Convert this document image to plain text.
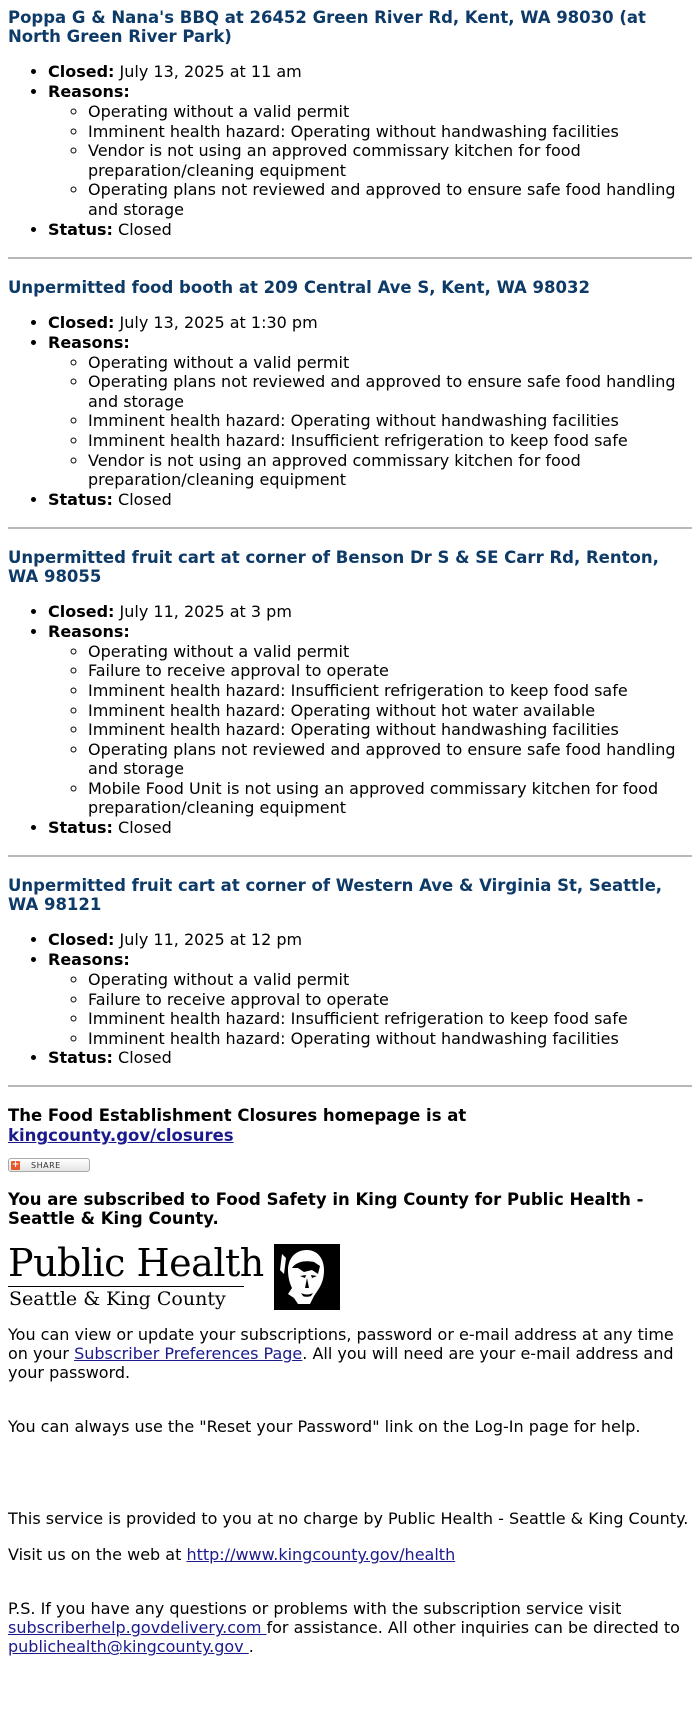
Poppa G & Nana's BBQ at 26452 Green River Rd, Kent, WA 98030 (at North Green River Park)
• Closed: July 13, 2025 at 11 am
• Reasons:
◦ Operating without a valid permit
◦ Imminent health hazard: Operating without handwashing facilities
◦ Vendor is not using an approved commissary kitchen for food preparation/cleaning equipment
◦ Operating plans not reviewed and approved to ensure safe food handling and storage
• Status: Closed
Unpermitted food booth at 209 Central Ave S, Kent, WA 98032
• Closed: July 13, 2025 at 1:30 pm
• Reasons:
◦ Operating without a valid permit
◦ Operating plans not reviewed and approved to ensure safe food handling and storage
◦ Imminent health hazard: Operating without handwashing facilities
◦ Imminent health hazard: Insufficient refrigeration to keep food safe
◦ Vendor is not using an approved commissary kitchen for food preparation/cleaning equipment
• Status: Closed
Unpermitted fruit cart at corner of Benson Dr S & SE Carr Rd, Renton, WA 98055
• Closed: July 11, 2025 at 3 pm
• Reasons:
◦ Operating without a valid permit
◦ Failure to receive approval to operate
◦ Imminent health hazard: Insufficient refrigeration to keep food safe
◦ Imminent health hazard: Operating without hot water available
◦ Imminent health hazard: Operating without handwashing facilities
◦ Operating plans not reviewed and approved to ensure safe food handling and storage
◦ Mobile Food Unit is not using an approved commissary kitchen for food preparation/cleaning equipment
• Status: Closed
Unpermitted fruit cart at corner of Western Ave & Virginia St, Seattle, WA 98121
• Closed: July 11, 2025 at 12 pm
• Reasons:
◦ Operating without a valid permit
◦ Failure to receive approval to operate
◦ Imminent health hazard: Insufficient refrigeration to keep food safe
◦ Imminent health hazard: Operating without handwashing facilities
• Status: Closed

The Food Establishment Closures homepage is at kingcounty.gov/closures

+ SHARE

You are subscribed to Food Safety in King County for Public Health - Seattle & King County.

Public Health
Seattle & King County

You can view or update your subscriptions, password or e-mail address at any time on your Subscriber Preferences Page. All you will need are your e-mail address and your password.

You can always use the "Reset your Password" link on the Log-In page for help.

This service is provided to you at no charge by Public Health - Seattle & King County.

Visit us on the web at http://www.kingcounty.gov/health

P.S. If you have any questions or problems with the subscription service visit subscriberhelp.govdelivery.com for assistance. All other inquiries can be directed to publichealth@kingcounty.gov .
